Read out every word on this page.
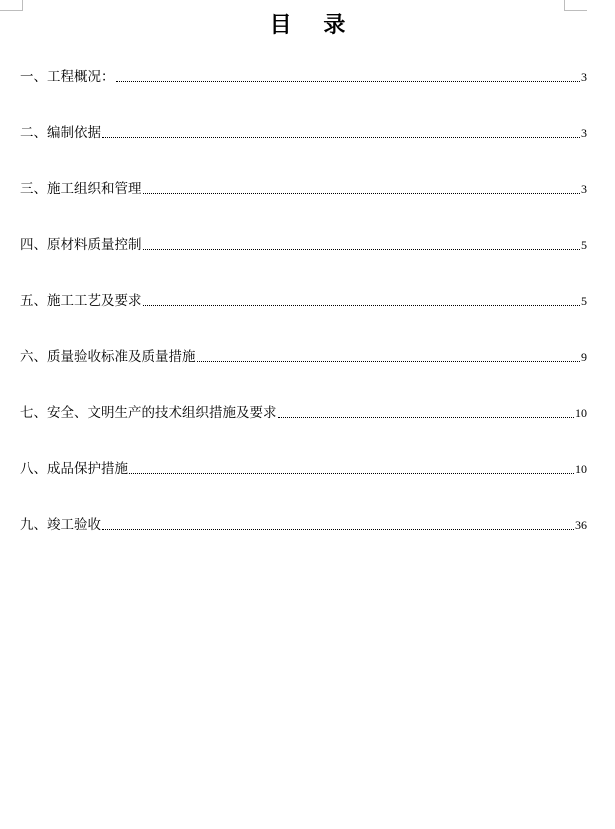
目 录
一、工程概况：	3
二、编制依据	3
三、施工组织和管理	3
四、原材料质量控制	5
五、施工工艺及要求	5
六、质量验收标准及质量措施	9
七、安全、文明生产的技术组织措施及要求	10
八、成品保护措施	10
九、竣工验收	36
